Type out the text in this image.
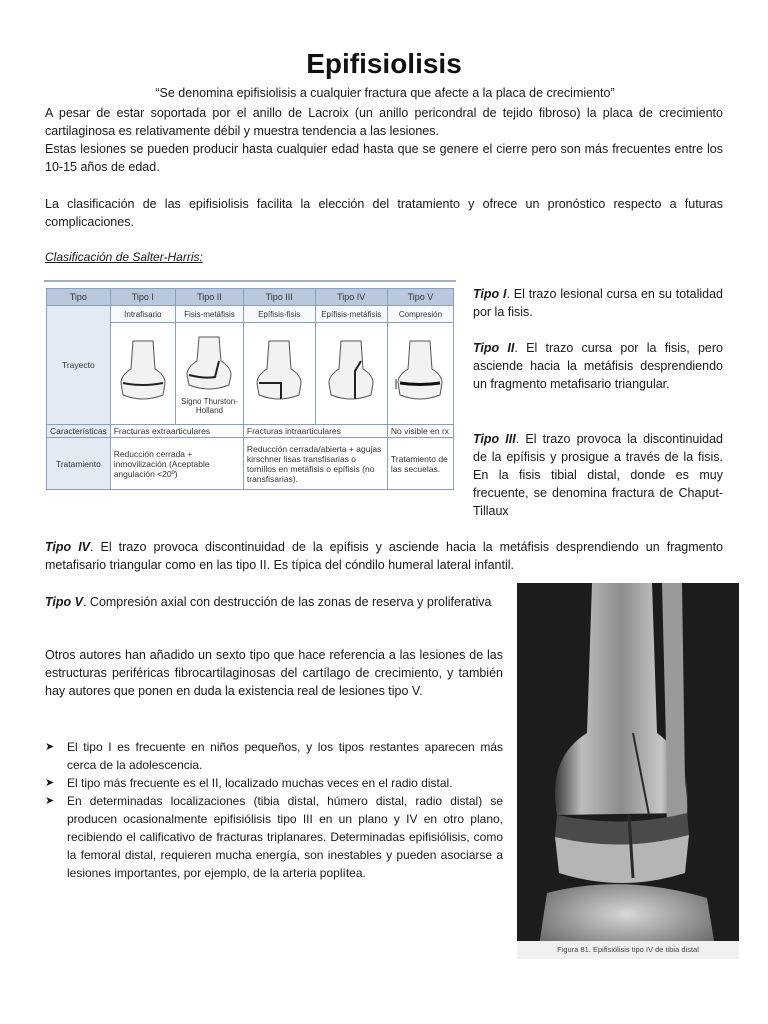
Epifisiolisis
“Se denomina epifisiolisis a cualquier fractura que afecte a la placa de crecimiento”
A pesar de estar soportada por el anillo de Lacroix (un anillo pericondral de tejido fibroso) la placa de crecimiento cartilaginosa es relativamente débil y muestra tendencia a las lesiones.
Estas lesiones se pueden producir hasta cualquier edad hasta que se genere el cierre pero son más frecuentes entre los 10-15 años de edad.
La clasificación de las epifisiolisis facilita la elección del tratamiento y ofrece un pronóstico respecto a futuras complicaciones.
Clasificación de Salter-Harris:
Tipo	Tipo I	Tipo II	Tipo III	Tipo IV	Tipo V
Trayecto	Intrafisario	Fisis-metáfisis	Epífisis-fisis	Epífisis-metáfisis	Compresión

Signo Thurston-Holland

Características	Fracturas extraarticulares		Fracturas intraarticulares		No visible en rx
Tratamiento	Reducción cerrada + inmovilización (Aceptable angulación <20º)		Reducción cerrada/abierta + agujas kirschner lisas transfisarias o tornillos en metáfisis o epífisis (no transfisarias).		Tratamiento de las secuelas.
Tipo I. El trazo lesional cursa en su totalidad por la fisis.
Tipo II. El trazo cursa por la fisis, pero asciende hacia la metáfisis desprendiendo un fragmento metafisario triangular.
Tipo III. El trazo provoca la discontinuidad de la epífisis y prosigue a través de la fisis. En la fisis tibial distal, donde es muy frecuente, se denomina fractura de Chaput-Tillaux
Tipo IV. El trazo provoca discontinuidad de la epífisis y asciende hacia la metáfisis desprendiendo un fragmento metafisario triangular como en las tipo II. Es típica del cóndilo humeral lateral infantil.
Tipo V. Compresión axial con destrucción de las zonas de reserva y proliferativa
Otros autores han añadido un sexto tipo que hace referencia a las lesiones de las estructuras periféricas fibrocartilaginosas del cartílago de crecimiento, y también hay autores que ponen en duda la existencia real de lesiones tipo V.
➤ El tipo I es frecuente en niños pequeños, y los tipos restantes aparecen más cerca de la adolescencia.
➤ El tipo más frecuente es el II, localizado muchas veces en el radio distal.
➤ En determinadas localizaciones (tibia distal, húmero distal, radio distal) se producen ocasionalmente epifisiólisis tipo III en un plano y IV en otro plano, recibiendo el calificativo de fracturas triplanares. Determinadas epifisiólisis, como la femoral distal, requieren mucha energía, son inestables y pueden asociarse a lesiones importantes, por ejemplo, de la arteria poplítea.
Figura 81. Epifisiólisis tipo IV de tibia distal
